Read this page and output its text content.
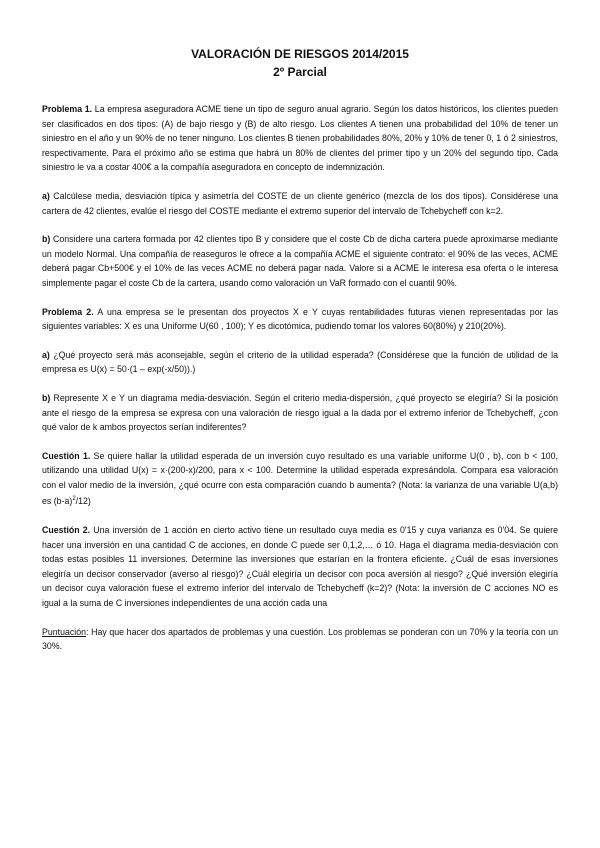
VALORACIÓN DE RIESGOS 2014/2015
2º Parcial

Problema 1. La empresa aseguradora ACME tiene un tipo de seguro anual agrario. Según los datos históricos, los clientes pueden ser clasificados en dos tipos: (A) de bajo riesgo y (B) de alto riesgo. Los clientes A tienen una probabilidad del 10% de tener un siniestro en el año y un 90% de no tener ninguno. Los clientes B tienen probabilidades 80%, 20% y 10% de tener 0, 1 ó 2 siniestros, respectivamente. Para el próximo año se estima que habrá un 80% de clientes del primer tipo y un 20% del segundo tipo. Cada siniestro le va a costar 400€ a la compañía aseguradora en concepto de indemnización.

a) Calcúlese media, desviación típica y asimetría del COSTE de un cliente genérico (mezcla de los dos tipos). Considérese una cartera de 42 clientes, evalúe el riesgo del COSTE mediante el extremo superior del intervalo de Tchebycheff con k=2.

b) Considere una cartera formada por 42 clientes tipo B y considere que el coste Cb de dicha cartera puede aproximarse mediante un modelo Normal. Una compañía de reaseguros le ofrece a la compañía ACME el siguiente contrato: el 90% de las veces, ACME deberá pagar Cb+500€ y el 10% de las veces ACME no deberá pagar nada. Valore si a ACME le interesa esa oferta o le interesa simplemente pagar el coste Cb de la cartera, usando como valoración un VaR formado con el cuantil 90%.

Problema 2. A una empresa se le presentan dos proyectos X e Y cuyas rentabilidades futuras vienen representadas por las siguientes variables: X es una Uniforme U(60 , 100); Y es dicotómica, pudiendo tomar los valores 60(80%) y 210(20%).

a) ¿Qué proyecto será más aconsejable, según el criterio de la utilidad esperada? (Considérese que la función de utilidad de la empresa es U(x) = 50·(1 – exp(-x/50)).)

b) Represente X e Y un diagrama media-desviación. Según el criterio media-dispersión, ¿qué proyecto se elegiría? Si la posición ante el riesgo de la empresa se expresa con una valoración de riesgo igual a la dada por el extremo inferior de Tchebycheff, ¿con qué valor de k ambos proyectos serían indiferentes?

Cuestión 1. Se quiere hallar la utilidad esperada de un inversión cuyo resultado es una variable uniforme U(0 , b), con b < 100, utilizando una utilidad U(x) = x·(200-x)/200, para x < 100. Determine la utilidad esperada expresándola. Compara esa valoración con el valor medio de la inversión, ¿qué ocurre con esta comparación cuando b aumenta? (Nota: la varianza de una variable U(a,b) es $(b-a)^2/12$)

Cuestión 2. Una inversión de 1 acción en cierto activo tiene un resultado cuya media es 0'15 y cuya varianza es 0'04. Se quiere hacer una inversión en una cantidad C de acciones, en donde C puede ser 0,1,2,… ó 10. Haga el diagrama media-desviación con todas estas posibles 11 inversiones. Determine las inversiones que estarían en la frontera eficiente. ¿Cuál de esas inversiones elegiría un decisor conservador (averso al riesgo)? ¿Cuál elegiría un decisor con poca aversión al riesgo? ¿Qué inversión elegiría un decisor cuya valoración fuese el extremo inferior del intervalo de Tchebycheff (k=2)? (Nota: la inversión de C acciones NO es igual a la suma de C inversiones independientes de una acción cada una

Puntuación: Hay que hacer dos apartados de problemas y una cuestión. Los problemas se ponderan con un 70% y la teoría con un 30%.
